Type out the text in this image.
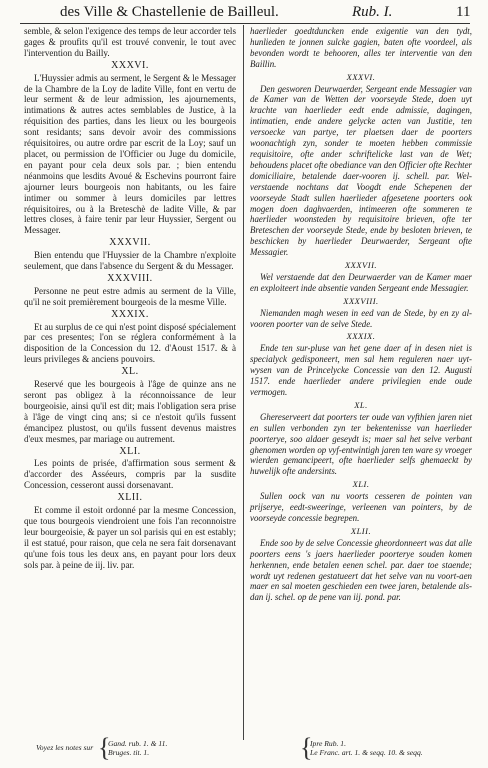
des Ville & Chastellenie de Bailleul.	Rub. I.	11

semble, & selon l'exigence des temps de leur accorder tels gages & proufits qu'il est trouvé convenir, le tout avec l'intervention du Bailly.

XXXVI.

L'Huyssier admis au serment, le Sergent & le Messager de la Chambre de la Loy de ladite Ville, font en vertu de leur serment & de leur admission, les ajournements, intimations & autres actes semblables de Justice, à la réquisition des parties, dans les lieux ou les bourgeois sont residants; sans devoir avoir des commissions réquisitoires, ou autre ordre par escrit de la Loy; sauf un placet, ou permission de l'Officier ou Juge du domicile, en payant pour cela deux sols par. ; bien entendu néanmoins que lesdits Avoué & Eschevins pourront faire ajourner leurs bourgeois non habitants, ou les faire intimer ou sommer à leurs domiciles par lettres réquisitoires, ou à la Breteschè de ladite Ville, & par lettres closes, à faire tenir par leur Huyssier, Sergent ou Messager.

XXXVII.

Bien entendu que l'Huyssier de la Chambre n'exploite seulement, que dans l'absence du Sergent & du Messager.

XXXVIII.

Personne ne peut estre admis au serment de la Ville, qu'il ne soit premièrement bourgeois de la mesme Ville.

XXXIX.

Et au surplus de ce qui n'est point disposé spécialement par ces presentes; l'on se réglera conformément à la disposition de la Concession du 12. d'Aoust 1517. & à leurs privileges & anciens pouvoirs.

XL.

Reservé que les bourgeois à l'âge de quinze ans ne seront pas obligez à la réconnoissance de leur bourgeoisie, ainsi qu'il est dit; mais l'obligation sera prise à l'âge de vingt cinq ans; si ce n'estoit qu'ils fussent émancipez plustost, ou qu'ils fussent devenus maistres d'eux mesmes, par mariage ou autrement.

XLI.

Les points de prisée, d'affirmation sous serment & d'accorder des Asséeurs, compris par la susdite Concession, cesseront aussi dorsenavant.

XLII.

Et comme il estoit ordonné par la mesme Concession, que tous bourgeois viendroient une fois l'an reconnoistre leur bourgeoisie, & payer un sol parisis qui en est estably; il est statué, pour raison, que cela ne sera fait dorsenavant qu'une fois tous les deux ans, en payant pour lors deux sols par. à peine de iij. liv. par.

haerlieder goedtduncken ende exigentie van den tydt, hunlieden te jonnen sulcke gagien, baten ofte voordeel, als bevonden wordt te behooren, alles ter interventie van den Baillin.

XXXVI.

Den gesworen Deurwaerder, Sergeant ende Messagier van de Kamer van de Wetten der voorseyde Stede, doen uyt krachte van haerlieder eedt ende admissie, dagingen, intimatien, ende andere gelycke acten van Justitie, ten versoecke van partye, ter plaetsen daer de poorters woonachtigh zyn, sonder te moeten hebben commissie requisitoire, ofte ander schriftelicke last van de Wet; behoudens placet ofte obediance van den Officier ofte Rechter domiciliaire, betalende daer-vooren ij. schell. par. Wel-verstaende nochtans dat Voogdt ende Schepenen der voorseyde Stadt sullen haerlieder afgesetene poorters ook mogen doen daghvaerden, intimeeren ofte sommeren te haerlieder woonsteden by requisitoire brieven, ofte ter Breteschen der voorseyde Stede, ende by besloten brieven, te beschicken by haerlieder Deurwaerder, Sergeant ofte Messagier.

XXXVII.

Wel verstaende dat den Deurwaerder van de Kamer maer en exploiteert inde absentie vanden Sergeant ende Messagier.

XXXVIII.

Niemanden magh wesen in eed van de Stede, by en zy al-vooren poorter van de selve Stede.

XXXIX.

Ende ten sur-pluse van het gene daer af in desen niet is specialyck gedisponeert, men sal hem reguleren naer uyt-wysen van de Princelycke Concessie van den 12. Augusti 1517. ende haerlieder andere privilegien ende oude vermogen.

XL.

Ghereserveert dat poorters ter oude van vyfthien jaren niet en sullen verbonden zyn ter bekentenisse van haerlieder poorterye, soo aldaer geseydt is; maer sal het selve verbant ghenomen worden op vyf-entwintigh jaren ten ware sy vroeger wierden gemancipeert, ofte haerlieder selfs ghemaeckt by huwelijk ofte andersints.

XLI.

Sullen oock van nu voorts cesseren de pointen van prijserye, eedt-sweeringe, verleenen van pointers, by de voorseyde concessie begrepen.

XLII.

Ende soo by de selve Concessie gheordonneert was dat alle poorters eens 's jaers haerlieder poorterye souden komen herkennen, ende betalen eenen schel. par. daer toe staende; wordt uyt redenen gestatueert dat het selve van nu voort-aen maer en sal moeten geschieden een twee jaren, betalende als-dan ij. schel. op de pene van iij. pond. par.

Voyez les notes sur {
Gand. rub. 1. & 11.
Bruges. tit. 1.	{
Ipre Rub. 1.
Le Franc. art. 1. & seqq. 10. & seqq.
